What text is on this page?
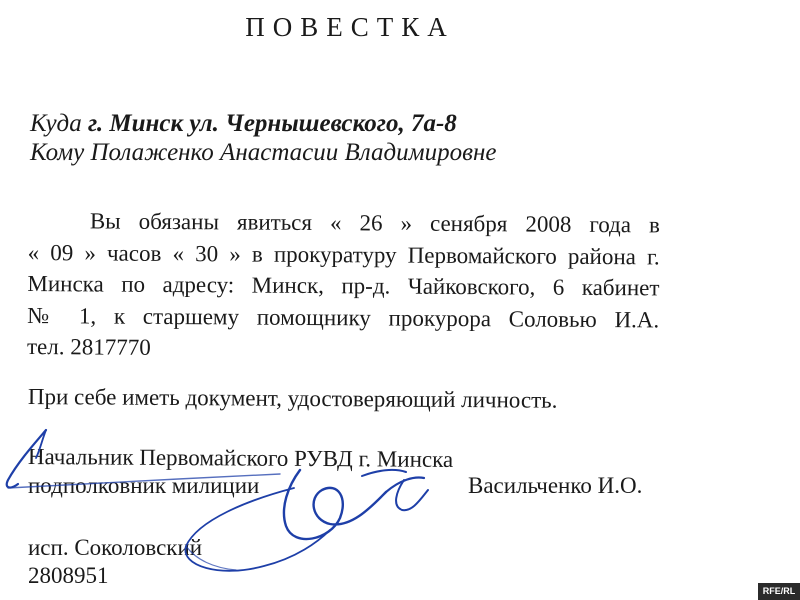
ПОВЕСТКА
Куда г. Минск ул. Чернышевского, 7а-8
Кому Полаженко Анастасии Владимировне
Вы обязаны явиться « 26 » сенября 2008 года в
« 09 » часов « 30 » в прокуратуру Первомайского района г.
Минска по адресу: Минск, пр-д. Чайковского, 6 кабинет
№ 1, к старшему помощнику прокурора Соловью И.А.
тел. 2817770
При себе иметь документ, удостоверяющий личность.
Начальник Первомайского РУВД г. Минска
подполковник милиции	Васильченко И.О.
исп. Соколовский
2808951
RFE/RL
